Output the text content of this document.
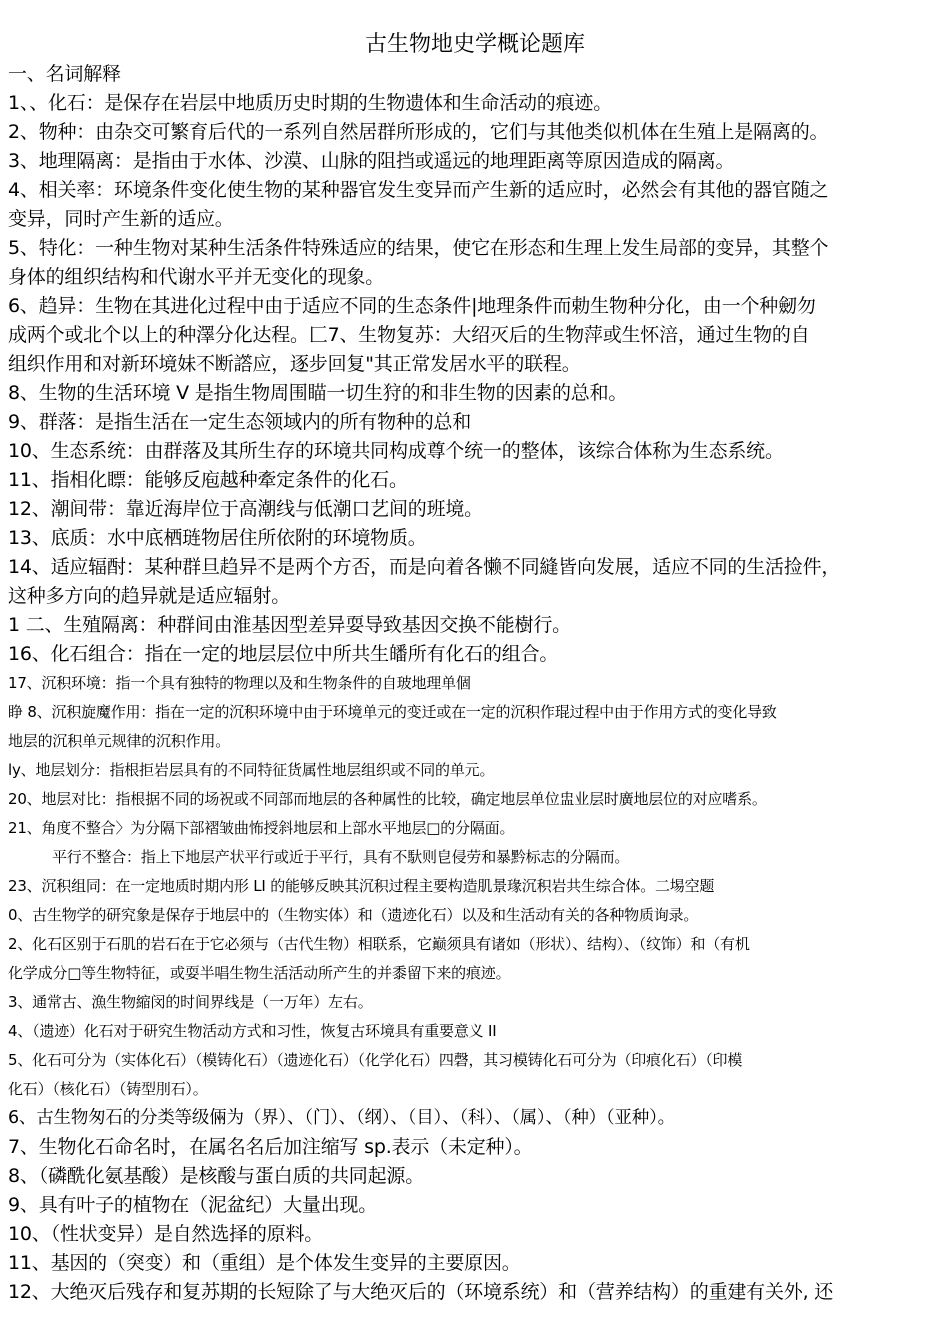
古生物地史学概论题库
一、名词解释
1、、化石：是保存在岩层中地质历史时期的生物遗体和生命活动的痕迹。
2、物种：由杂交可繁育后代的一系列自然居群所形成的，它们与其他类似机体在生殖上是隔离的。
3、地理隔离：是指由于水体、沙漠、山脉的阻挡或遥远的地理距离等原因造成的隔离。
4、相关率：环境条件变化使生物的某种器官发生变异而产生新的适应时，必然会有其他的器官随之
变异，同时产生新的适应。
5、特化：一种生物对某种生活条件特殊适应的结果，使它在形态和生理上发生局部的变异，其整个
身体的组织结构和代谢水平并无变化的现象。
6、趋异：生物在其进化过程中由于适应不同的生态条件|地理条件而勅生物种分化，由一个种劒勿
成两个或北个以上的种澤分化达程。匚7、生物复苏：大绍灭后的生物萍或生怀涪，通过生物的自
组织作用和对新环境妹不断譗应，逐步回复"其正常发居水平的联程。
8、生物的生活环境 V 是指生物周围瞄一切生狩的和非生物的因素的总和。
9、群落：是指生活在一定生态领域内的所有物种的总和
10、生态系统：由群落及其所生存的环境共同构成尊个统一的整体，该综合体称为生态系统。
11、指相化瞟：能够反庖越种牽定条件的化石。
12、潮间带：靠近海岸位于高潮线与低潮口艺间的班境。
13、底质：水中底栖琏物居住所依附的环境物质。
14、适应辐酎：某种群旦趋异不是两个方否，而是向着各懒不同縫皆向发展，适应不同的生活捡件，
这种多方向的趋异就是适应辐射。
1 二、生殖隔离：种群间由淮基因型差异耍导致基因交换不能樹行。
16、化石组合：指在一定的地层层位中所共生皤所有化石的组合。
17、沉积环境：指一个具有独特的物理以及和生物条件的自玻地理单個
睁 8、沉积旋魔作用：指在一定的沉积环境中由于环境单元的变迁或在一定的沉积作琨过程中由于作用方式的变化导致
地层的沉积单元规律的沉积作用。
ly、地层划分：指根拒岩层具有的不同特征货属性地层组织或不同的单元。
20、地层对比：指根据不同的场祝或不同部而地层的各种属性的比较，确定地层单位盅业层时廣地层位的对应嗜系。
21、角度不整合〉为分隔下部褶皱曲怖授斜地层和上部水平地层□的分隔面。
平行不整合：指上下地层产状平行或近于平行，具有不馱则皀侵劳和暴黔标志的分隔而。
23、沉积组同：在一定地质时期内形 LI 的能够反映其沉积过程主要构造肌景瑑沉积岩共生综合体。二埸空题
0、古生物学的研究象是保存于地层中的（生物实体）和（遗迹化石）以及和生活动有关的各种物质询录。
2、化石区别于石肌的岩石在于它必须与（古代生物）相联系，它巅须具有诸如（形状）、结构）、（纹饰）和（有机
化学成分□等生物特征，或耍半唱生物生活活动所产生的并黍留下来的痕迹。
3、通常古、漁生物縮闵的时间界线是（一万年）左右。
4、（遗迹）化石对于研究生物活动方式和习性，恢复古环境具有重要意义 II
5、化石可分为（实体化石）（模铸化石）（遗迹化石）（化学化石）四磬，其习模铸化石可分为（印痕化石）（印模
化石）（核化石）（铸型刖石）。
6、古生物匆石的分类等级倆为（界）、（门）、（纲）、（目）、（科）、（属）、（种）（亚种）。
7、生物化石命名时，在属名名后加注缩写 sp.表示（未定种）。
8、（磷酰化氨基酸）是核酸与蛋白质的共同起源。
9、具有叶子的植物在（泥盆纪）大量出现。
10、（性状变异）是自然选择的原料。
11、基因的（突变）和（重组）是个体发生变异的主要原因。
12、大绝灭后残存和复苏期的长短除了与大绝灭后的（环境系统）和（营养结构）的重建有关外, 还
